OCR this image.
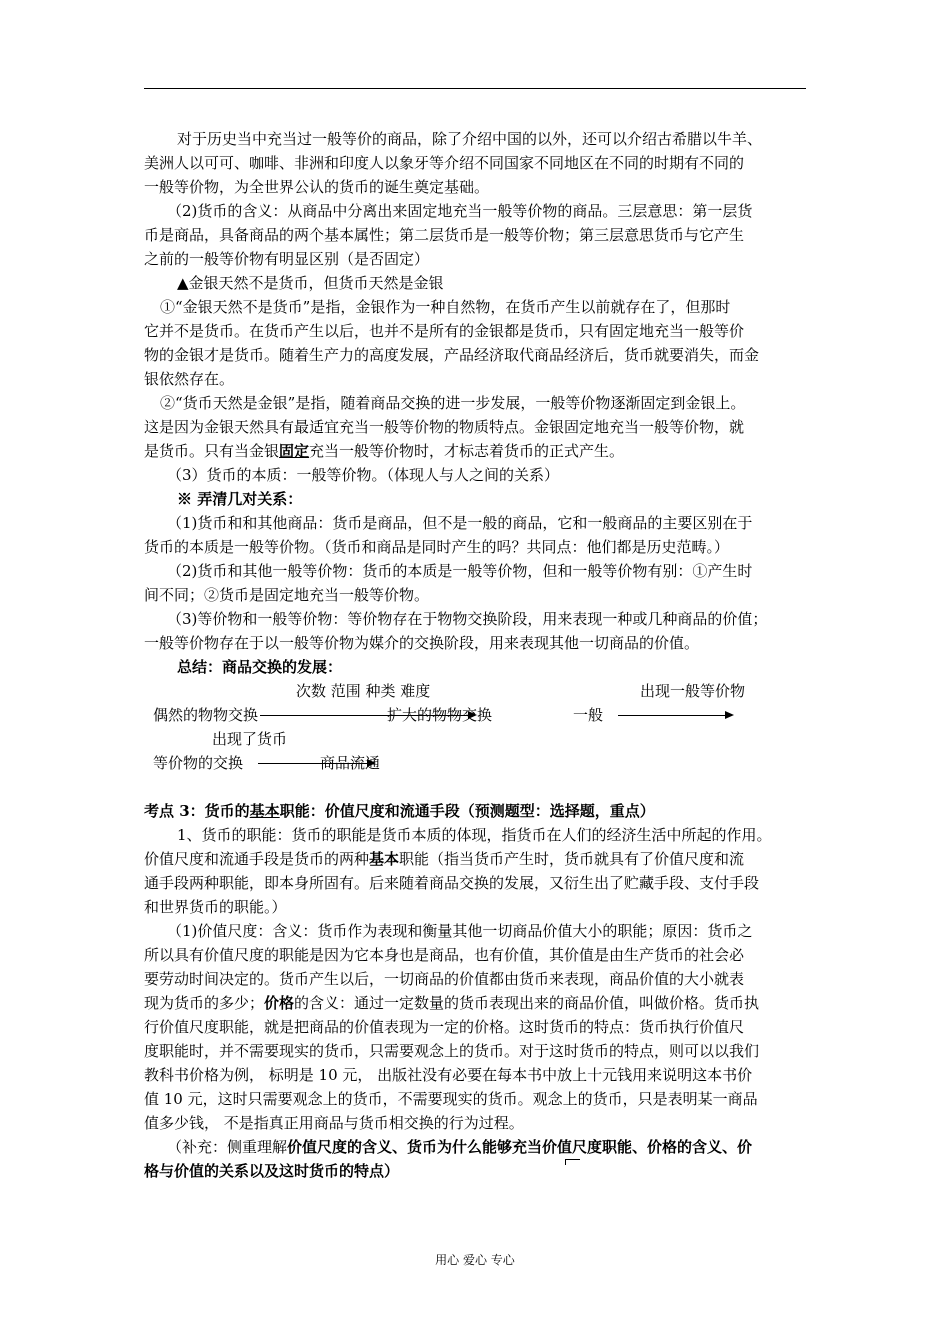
对于历史当中充当过一般等价的商品，除了介绍中国的以外，还可以介绍古希腊以牛羊、
美洲人以可可、咖啡、非洲和印度人以象牙等介绍不同国家不同地区在不同的时期有不同的
一般等价物，为全世界公认的货币的诞生奠定基础。
（2)货币的含义：从商品中分离出来固定地充当一般等价物的商品。三层意思：第一层货
币是商品，具备商品的两个基本属性；第二层货币是一般等价物；第三层意思货币与它产生
之前的一般等价物有明显区别（是否固定）
▲金银天然不是货币，但货币天然是金银
①“金银天然不是货币”是指，金银作为一种自然物，在货币产生以前就存在了，但那时
它并不是货币。在货币产生以后，也并不是所有的金银都是货币，只有固定地充当一般等价
物的金银才是货币。随着生产力的高度发展，产品经济取代商品经济后，货币就要消失，而金
银依然存在。
②“货币天然是金银”是指，随着商品交换的进一步发展，一般等价物逐渐固定到金银上。
这是因为金银天然具有最适宜充当一般等价物的物质特点。金银固定地充当一般等价物，就
是货币。只有当金银固定充当一般等价物时，才标志着货币的正式产生。
（3）货币的本质：一般等价物。（体现人与人之间的关系）
※ 弄清几对关系：
（1)货币和和其他商品：货币是商品，但不是一般的商品，它和一般商品的主要区别在于
货币的本质是一般等价物。（货币和商品是同时产生的吗？共同点：他们都是历史范畴。）
（2)货币和其他一般等价物：货币的本质是一般等价物，但和一般等价物有别：①产生时
间不同；②货币是固定地充当一般等价物。
（3)等价物和一般等价物：等价物存在于物物交换阶段，用来表现一种或几种商品的价值；
一般等价物存在于以一般等价物为媒介的交换阶段，用来表现其他一切商品的价值。
总结：商品交换的发展：
次数 范围 种类 难度	出现一般等价物
偶然的物物交换	扩大的物物交换	一般
出现了货币
等价物的交换	商品流通
考点 3：货币的基本职能：价值尺度和流通手段（预测题型：选择题，重点）
1、货币的职能：货币的职能是货币本质的体现，指货币在人们的经济生活中所起的作用。
价值尺度和流通手段是货币的两种基本职能（指当货币产生时，货币就具有了价值尺度和流
通手段两种职能，即本身所固有。后来随着商品交换的发展，又衍生出了贮藏手段、支付手段
和世界货币的职能。）
（1)价值尺度：含义：货币作为表现和衡量其他一切商品价值大小的职能；原因：货币之
所以具有价值尺度的职能是因为它本身也是商品，也有价值，其价值是由生产货币的社会必
要劳动时间决定的。货币产生以后，一切商品的价值都由货币来表现，商品价值的大小就表
现为货币的多少；价格的含义：通过一定数量的货币表现出来的商品价值，叫做价格。货币执
行价值尺度职能，就是把商品的价值表现为一定的价格。这时货币的特点：货币执行价值尺
度职能时，并不需要现实的货币，只需要观念上的货币。对于这时货币的特点，则可以以我们
教科书价格为例， 标明是 10 元， 出版社没有必要在每本书中放上十元钱用来说明这本书价
值 10 元，这时只需要观念上的货币，不需要现实的货币。观念上的货币，只是表明某一商品
值多少钱， 不是指真正用商品与货币相交换的行为过程。
（补充：侧重理解价值尺度的含义、货币为什么能够充当价值尺度职能、价格的含义、价
格与价值的关系以及这时货币的特点）
用心 爱心 专心
